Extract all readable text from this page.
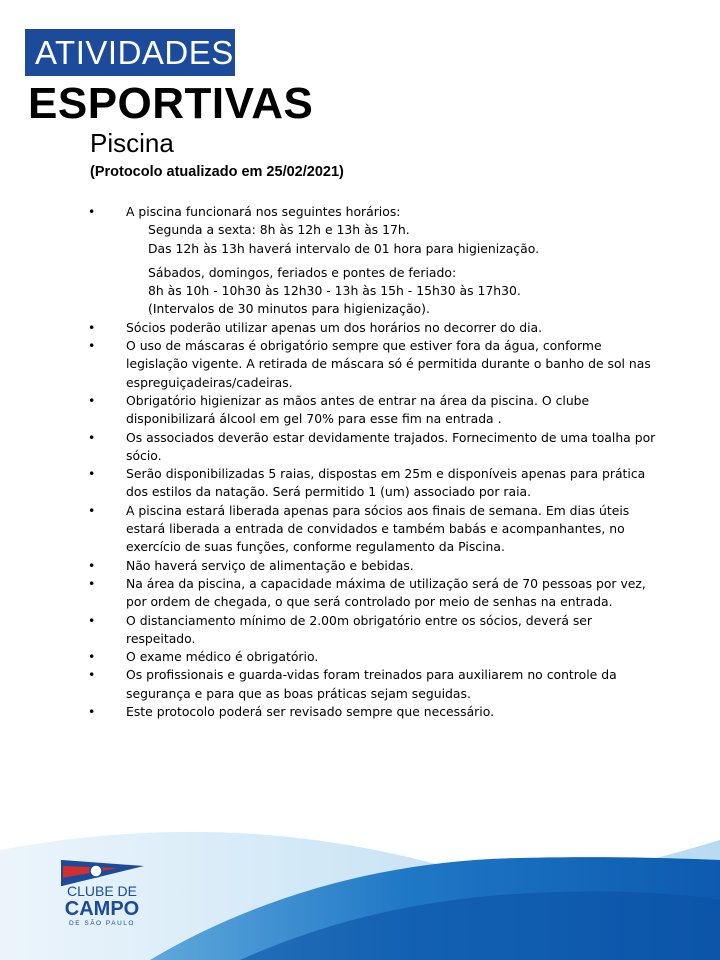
ATIVIDADES
ESPORTIVAS
Piscina
(Protocolo atualizado em 25/02/2021)
•	A piscina funcionará nos seguintes horários:
Segunda a sexta: 8h às 12h e 13h às 17h.
Das 12h às 13h haverá intervalo de 01 hora para higienização.
Sábados, domingos, feriados e pontes de feriado:
8h às 10h - 10h30 às 12h30 - 13h às 15h - 15h30 às 17h30.
(Intervalos de 30 minutos para higienização).
•	Sócios poderão utilizar apenas um dos horários no decorrer do dia.
•	O uso de máscaras é obrigatório sempre que estiver fora da água, conforme legislação vigente. A retirada de máscara só é permitida durante o banho de sol nas espreguiçadeiras/cadeiras.
•	Obrigatório higienizar as mãos antes de entrar na área da piscina. O clube disponibilizará álcool em gel 70% para esse fim na entrada .
•	Os associados deverão estar devidamente trajados. Fornecimento de uma toalha por sócio.
•	Serão disponibilizadas 5 raias, dispostas em 25m e disponíveis apenas para prática dos estilos da natação. Será permitido 1 (um) associado por raia.
•	A piscina estará liberada apenas para sócios aos finais de semana. Em dias úteis estará liberada a entrada de convidados e também babás e acompanhantes, no exercício de suas funções, conforme regulamento da Piscina.
•	Não haverá serviço de alimentação e bebidas.
•	Na área da piscina, a capacidade máxima de utilização será de 70 pessoas por vez, por ordem de chegada, o que será controlado por meio de senhas na entrada.
•	O distanciamento mínimo de 2.00m obrigatório entre os sócios, deverá ser respeitado.
•	O exame médico é obrigatório.
•	Os profissionais e guarda-vidas foram treinados para auxiliarem no controle da segurança e para que as boas práticas sejam seguidas.
•	Este protocolo poderá ser revisado sempre que necessário.
CLUBE DE
CAMPO
DE SÃO PAULO
